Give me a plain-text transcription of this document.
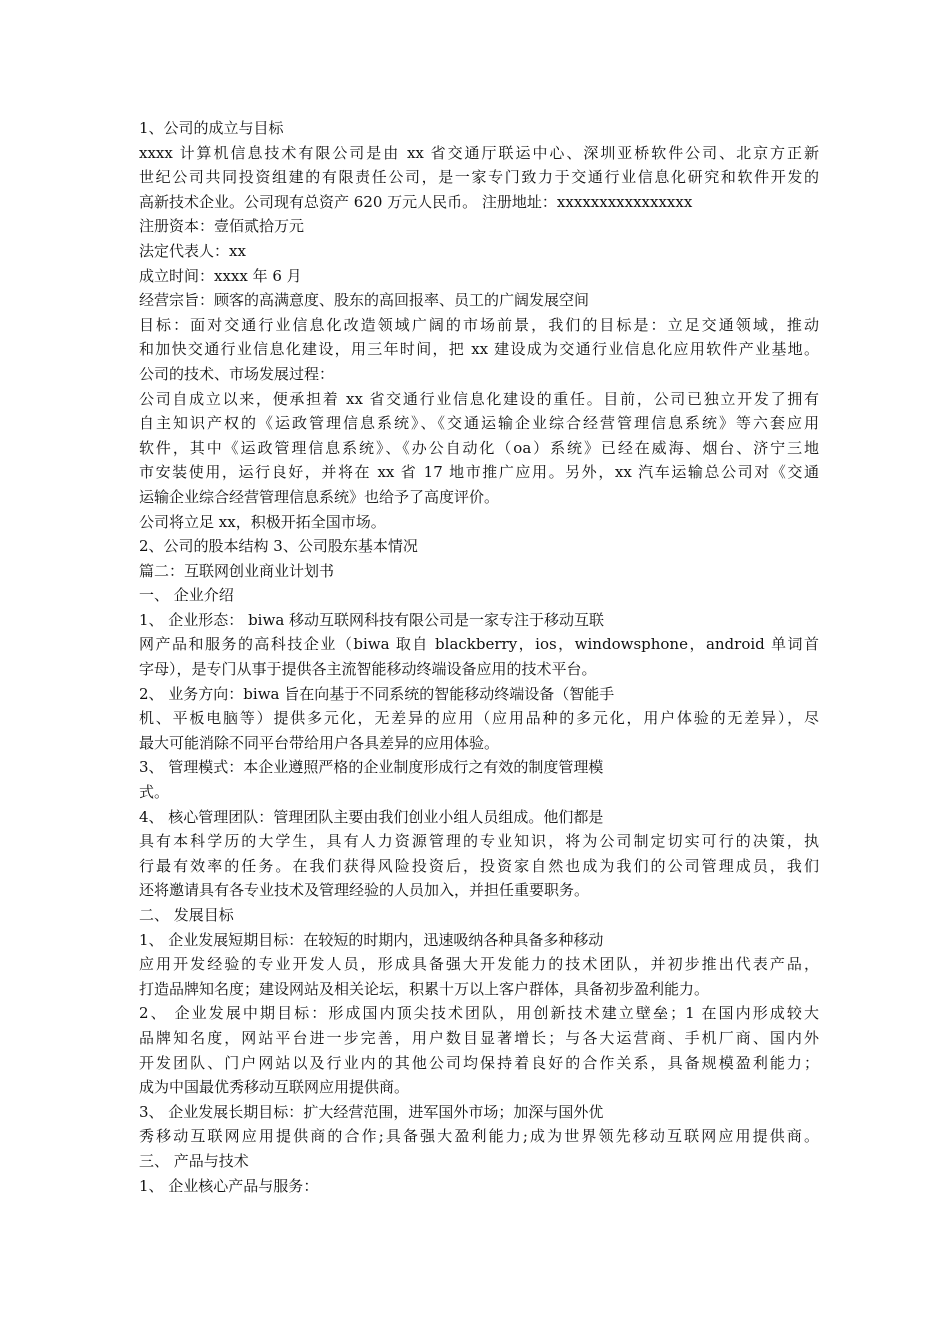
1、公司的成立与目标
xxxx 计算机信息技术有限公司是由 xx 省交通厅联运中心、深圳亚桥软件公司、北京方正新
世纪公司共同投资组建的有限责任公司，是一家专门致力于交通行业信息化研究和软件开发的
高新技术企业。公司现有总资产 620 万元人民币。 注册地址：xxxxxxxxxxxxxxxx
注册资本：壹佰贰拾万元
法定代表人：xx
成立时间：xxxx 年 6 月
经营宗旨：顾客的高满意度、股东的高回报率、员工的广阔发展空间
目标：面对交通行业信息化改造领域广阔的市场前景，我们的目标是：立足交通领域，推动
和加快交通行业信息化建设，用三年时间，把 xx 建设成为交通行业信息化应用软件产业基地。
公司的技术、市场发展过程：
公司自成立以来，便承担着 xx 省交通行业信息化建设的重任。目前，公司已独立开发了拥有
自主知识产权的《运政管理信息系统》、《交通运输企业综合经营管理信息系统》等六套应用
软件，其中《运政管理信息系统》、《办公自动化（oa）系统》已经在威海、烟台、济宁三地
市安装使用，运行良好，并将在 xx 省 17 地市推广应用。另外，xx 汽车运输总公司对《交通
运输企业综合经营管理信息系统》也给予了高度评价。
公司将立足 xx，积极开拓全国市场。
2、公司的股本结构 3、公司股东基本情况
篇二：互联网创业商业计划书
一、 企业介绍
1、 企业形态： biwa 移动互联网科技有限公司是一家专注于移动互联
网产品和服务的高科技企业（biwa 取自 blackberry，ios，windowsphone，android 单词首
字母），是专门从事于提供各主流智能移动终端设备应用的技术平台。
2、 业务方向：biwa 旨在向基于不同系统的智能移动终端设备（智能手
机、平板电脑等）提供多元化，无差异的应用（应用品种的多元化，用户体验的无差异），尽
最大可能消除不同平台带给用户各具差异的应用体验。
3、 管理模式：本企业遵照严格的企业制度形成行之有效的制度管理模
式。
4、 核心管理团队：管理团队主要由我们创业小组人员组成。他们都是
具有本科学历的大学生，具有人力资源管理的专业知识，将为公司制定切实可行的决策，执
行最有效率的任务。在我们获得风险投资后，投资家自然也成为我们的公司管理成员，我们
还将邀请具有各专业技术及管理经验的人员加入，并担任重要职务。
二、 发展目标
1、 企业发展短期目标：在较短的时期内，迅速吸纳各种具备多种移动
应用开发经验的专业开发人员，形成具备强大开发能力的技术团队，并初步推出代表产品，
打造品牌知名度；建设网站及相关论坛，积累十万以上客户群体，具备初步盈利能力。
2、 企业发展中期目标：形成国内顶尖技术团队，用创新技术建立壁垒；1 在国内形成较大
品牌知名度，网站平台进一步完善，用户数目显著增长；与各大运营商、手机厂商、国内外
开发团队、门户网站以及行业内的其他公司均保持着良好的合作关系，具备规模盈利能力；
成为中国最优秀移动互联网应用提供商。
3、 企业发展长期目标：扩大经营范围，进军国外市场；加深与国外优
秀移动互联网应用提供商的合作;具备强大盈利能力;成为世界领先移动互联网应用提供商。
三、 产品与技术
1、 企业核心产品与服务：
